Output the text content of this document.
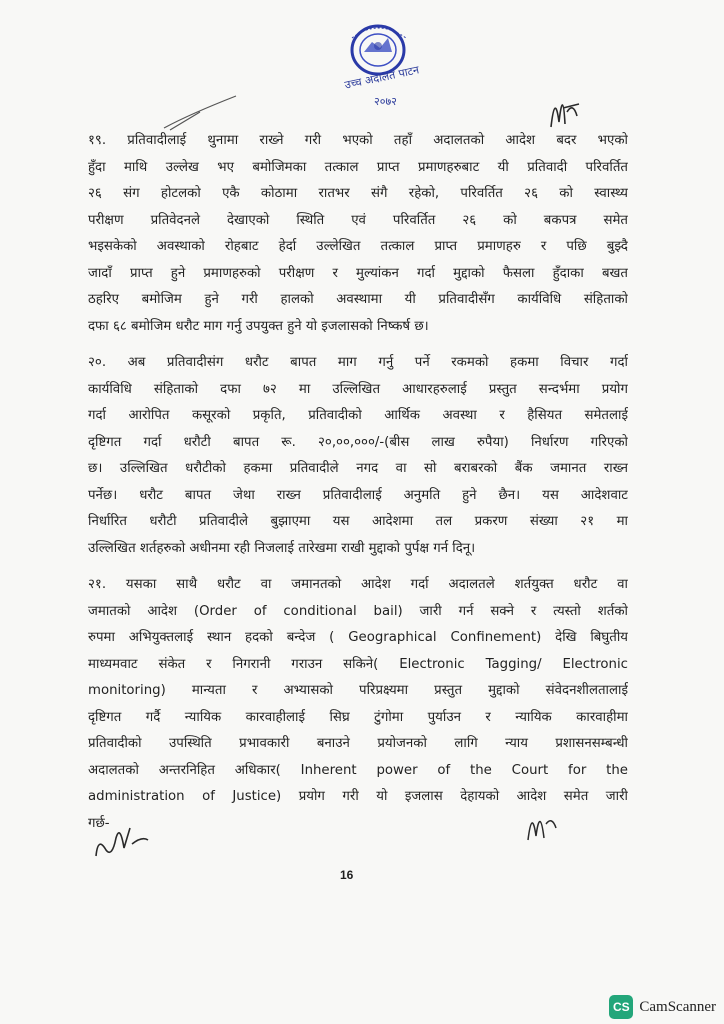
उच्च अदालत पाटन
२०७२
१९. प्रतिवादीलाई थुनामा राख्ने गरी भएको तहाँ अदालतको आदेश बदर भएको
हुँदा माथि उल्लेख भए बमोजिमका तत्काल प्राप्त प्रमाणहरुबाट यी प्रतिवादी परिवर्तित
२६ संग होटलको एकै कोठामा रातभर संगै रहेको, परिवर्तित २६ को स्वास्थ्य
परीक्षण प्रतिवेदनले देखाएको स्थिति एवं परिवर्तित २६ को बकपत्र समेत
भइसकेको अवस्थाको रोहबाट हेर्दा उल्लेखित तत्काल प्राप्त प्रमाणहरु र पछि बुझ्दै
जादाँ प्राप्त हुने प्रमाणहरुको परीक्षण र मुल्यांकन गर्दा मुद्दाको फैसला हुँदाका बखत
ठहरिए बमोजिम हुने गरी हालको अवस्थामा यी प्रतिवादीसँग कार्यविधि संहिताको
दफा ६८ बमोजिम धरौट माग गर्नु उपयुक्त हुने यो इजलासको निष्कर्ष छ।
२०. अब प्रतिवादीसंग धरौट बापत माग गर्नु पर्ने रकमको हकमा विचार गर्दा
कार्यविधि संहिताको दफा ७२ मा उल्लिखित आधारहरुलाई प्रस्तुत सन्दर्भमा प्रयोग
गर्दा आरोपित कसूरको प्रकृति, प्रतिवादीको आर्थिक अवस्था र हैसियत समेतलाई
दृष्टिगत गर्दा धरौटी बापत रू. २०,००,०००/-(बीस लाख रुपैया) निर्धारण गरिएको
छ। उल्लिखित धरौटीको हकमा प्रतिवादीले नगद वा सो बराबरको बैंक जमानत राख्न
पर्नेछ। धरौट बापत जेथा राख्न प्रतिवादीलाई अनुमति हुने छैन। यस आदेशवाट
निर्धारित धरौटी प्रतिवादीले बुझाएमा यस आदेशमा तल प्रकरण संख्या २१ मा
उल्लिखित शर्तहरुको अधीनमा रही निजलाई तारेखमा राखी मुद्दाको पुर्पक्ष गर्न दिनू।
२१. यसका साथै धरौट वा जमानतको आदेश गर्दा अदालतले शर्तयुक्त धरौट वा
जमातको आदेश (Order of conditional bail) जारी गर्न सक्ने र त्यस्तो शर्तको
रुपमा अभियुक्तलाई स्थान हदको बन्देज ( Geographical Confinement) देखि बिघुतीय
माध्यमवाट संकेत र निगरानी गराउन सकिने( Electronic Tagging/ Electronic
monitoring) मान्यता र अभ्यासको परिप्रक्ष्यमा प्रस्तुत मुद्दाको संवेदनशीलतालाई
दृष्टिगत गर्दै न्यायिक कारवाहीलाई सिघ्र टुंगोमा पुर्याउन र न्यायिक कारवाहीमा
प्रतिवादीको उपस्थिति प्रभावकारी बनाउने प्रयोजनको लागि न्याय प्रशासनसम्बन्धी
अदालतको अन्तरनिहित अधिकार( Inherent power of the Court for the
administration of Justice) प्रयोग गरी यो इजलास देहायको आदेश समेत जारी
गर्छ-
16
CS CamScanner
